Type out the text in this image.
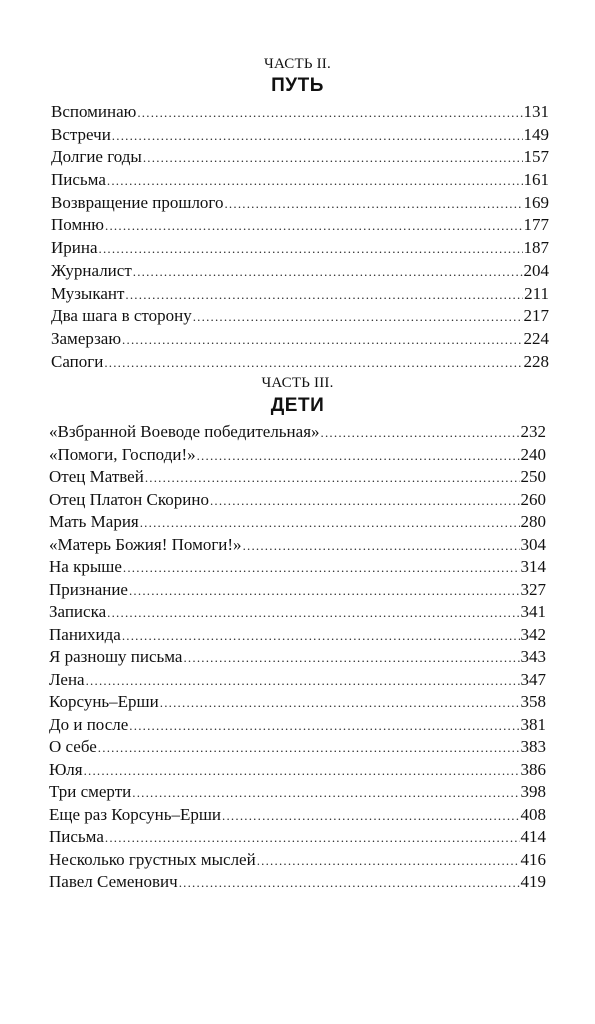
ЧАСТЬ II.
ПУТЬ
Вспоминаю .....	131
Встречи .....	149
Долгие годы .....	157
Письма .....	161
Возвращение прошлого .....	169
Помню .....	177
Ирина .....	187
Журналист .....	204
Музыкант .....	211
Два шага в сторону .....	217
Замерзаю .....	224
Сапоги .....	228
ЧАСТЬ III.
ДЕТИ
«Взбранной Воеводе победительная» .....	232
«Помоги, Господи!» .....	240
Отец Матвей .....	250
Отец Платон Скорино .....	260
Мать Мария .....	280
«Матерь Божия! Помоги!» .....	304
На крыше .....	314
Признание .....	327
Записка .....	341
Панихида .....	342
Я разношу письма .....	343
Лена .....	347
Корсунь–Ерши .....	358
До и после .....	381
О себе .....	383
Юля .....	386
Три смерти .....	398
Еще раз Корсунь–Ерши .....	408
Письма .....	414
Несколько грустных мыслей .....	416
Павел Семенович .....	419
